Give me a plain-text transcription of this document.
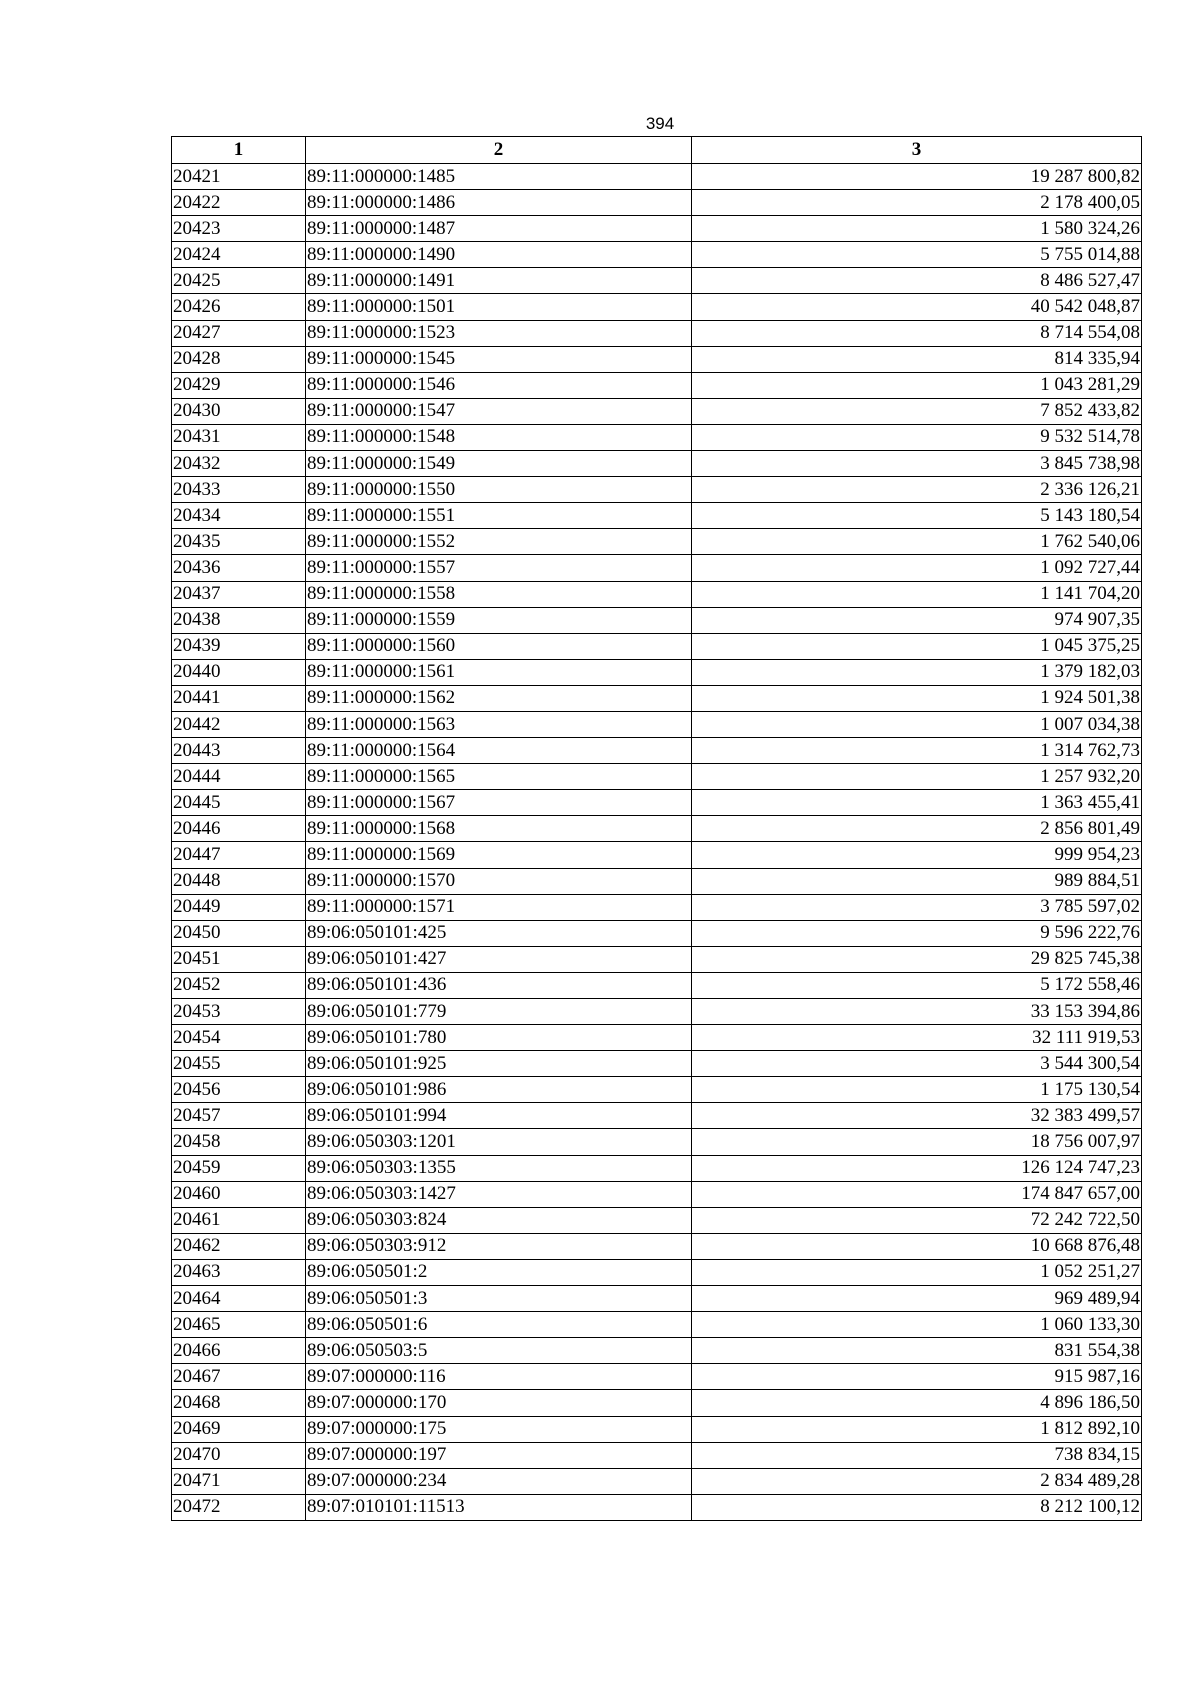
394
1	2	3
20421	89:11:000000:1485	19 287 800,82
20422	89:11:000000:1486	2 178 400,05
20423	89:11:000000:1487	1 580 324,26
20424	89:11:000000:1490	5 755 014,88
20425	89:11:000000:1491	8 486 527,47
20426	89:11:000000:1501	40 542 048,87
20427	89:11:000000:1523	8 714 554,08
20428	89:11:000000:1545	814 335,94
20429	89:11:000000:1546	1 043 281,29
20430	89:11:000000:1547	7 852 433,82
20431	89:11:000000:1548	9 532 514,78
20432	89:11:000000:1549	3 845 738,98
20433	89:11:000000:1550	2 336 126,21
20434	89:11:000000:1551	5 143 180,54
20435	89:11:000000:1552	1 762 540,06
20436	89:11:000000:1557	1 092 727,44
20437	89:11:000000:1558	1 141 704,20
20438	89:11:000000:1559	974 907,35
20439	89:11:000000:1560	1 045 375,25
20440	89:11:000000:1561	1 379 182,03
20441	89:11:000000:1562	1 924 501,38
20442	89:11:000000:1563	1 007 034,38
20443	89:11:000000:1564	1 314 762,73
20444	89:11:000000:1565	1 257 932,20
20445	89:11:000000:1567	1 363 455,41
20446	89:11:000000:1568	2 856 801,49
20447	89:11:000000:1569	999 954,23
20448	89:11:000000:1570	989 884,51
20449	89:11:000000:1571	3 785 597,02
20450	89:06:050101:425	9 596 222,76
20451	89:06:050101:427	29 825 745,38
20452	89:06:050101:436	5 172 558,46
20453	89:06:050101:779	33 153 394,86
20454	89:06:050101:780	32 111 919,53
20455	89:06:050101:925	3 544 300,54
20456	89:06:050101:986	1 175 130,54
20457	89:06:050101:994	32 383 499,57
20458	89:06:050303:1201	18 756 007,97
20459	89:06:050303:1355	126 124 747,23
20460	89:06:050303:1427	174 847 657,00
20461	89:06:050303:824	72 242 722,50
20462	89:06:050303:912	10 668 876,48
20463	89:06:050501:2	1 052 251,27
20464	89:06:050501:3	969 489,94
20465	89:06:050501:6	1 060 133,30
20466	89:06:050503:5	831 554,38
20467	89:07:000000:116	915 987,16
20468	89:07:000000:170	4 896 186,50
20469	89:07:000000:175	1 812 892,10
20470	89:07:000000:197	738 834,15
20471	89:07:000000:234	2 834 489,28
20472	89:07:010101:11513	8 212 100,12
